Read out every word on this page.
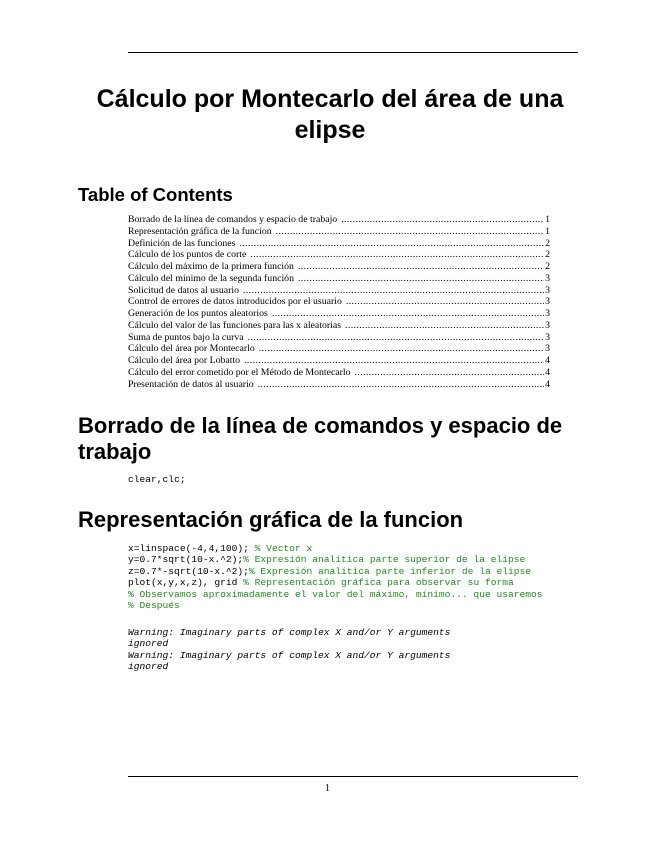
Cálculo por Montecarlo del área de una elipse
Table of Contents
Borrado de la línea de comandos y espacio de trabajo .....	1
Representación gráfica de la funcion .....	1
Definición de las funciones .....	2
Cálculo de los puntos de corte .....	2
Cálculo del máximo de la primera función .....	2
Cálculo del mínimo de la segunda función .....	3
Solicitud de datos al usuario .....	3
Control de errores de datos introducidos por el usuario .....	3
Generación de los puntos aleatorios .....	3
Cálculo del valor de las funciones para las x aleatorias .....	3
Suma de puntos bajo la curva .....	3
Cálculo del área por Montecarlo .....	3
Cálculo del área por Lobatto .....	4
Cálculo del error cometido por el Método de Montecarlo .....	4
Presentación de datos al usuario .....	4
Borrado de la línea de comandos y espacio de trabajo
clear,clc;
Representación gráfica de la funcion
x=linspace(-4,4,100); % Vector x
y=0.7*sqrt(10-x.^2);% Expresión analítica parte superior de la elipse
z=0.7*-sqrt(10-x.^2);% Expresión analítica parte inferior de la elipse
plot(x,y,x,z), grid % Representación gráfica para observar su forma
% Observamos aproximadamente el valor del máximo, mínimo... que usaremos
% Después
Warning: Imaginary parts of complex X and/or Y arguments
ignored
Warning: Imaginary parts of complex X and/or Y arguments
ignored
1
